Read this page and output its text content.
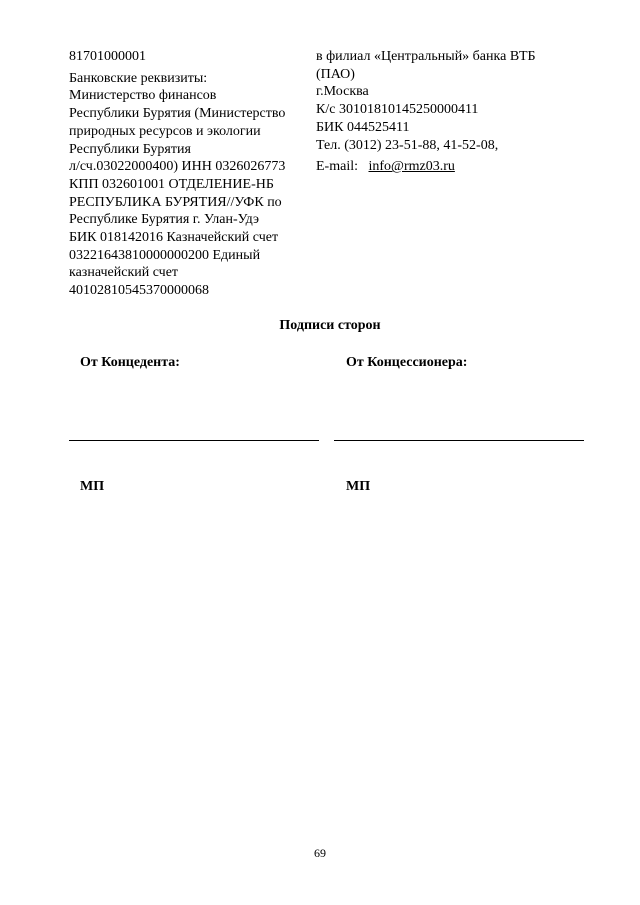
81701000001
Банковские реквизиты:
Министерство финансов
Республики Бурятия (Министерство
природных ресурсов и экологии
Республики Бурятия
л/сч.03022000400) ИНН 0326026773
КПП 032601001 ОТДЕЛЕНИЕ-НБ
РЕСПУБЛИКА БУРЯТИЯ//УФК по
Республике Бурятия г. Улан-Удэ
БИК 018142016 Казначейский счет
03221643810000000200 Единый
казначейский счет
40102810545370000068
в филиал «Центральный» банка ВТБ
(ПАО)
г.Москва
К/с 30101810145250000411
БИК 044525411
Тел. (3012) 23-51-88, 41-52-08,
E-mail: info@rmz03.ru
Подписи сторон
От Концедента:	От Концессионера:
МП	МП
69
